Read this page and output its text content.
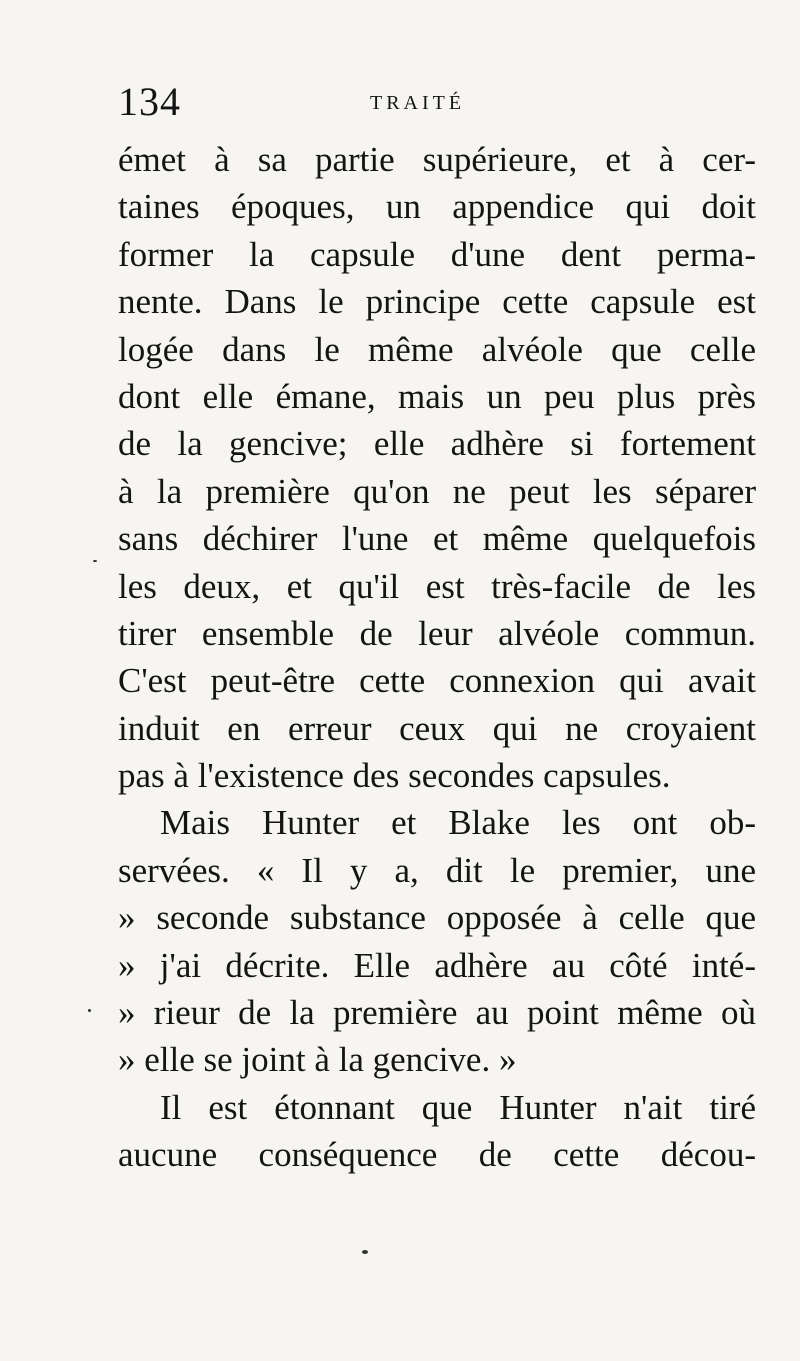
134	TRAITÉ
émet à sa partie supérieure, et à cer-
taines époques, un appendice qui doit
former la capsule d'une dent perma-
nente. Dans le principe cette capsule est
logée dans le même alvéole que celle
dont elle émane, mais un peu plus près
de la gencive; elle adhère si fortement
à la première qu'on ne peut les séparer
sans déchirer l'une et même quelquefois
les deux, et qu'il est très-facile de les
tirer ensemble de leur alvéole commun.
C'est peut-être cette connexion qui avait
induit en erreur ceux qui ne croyaient
pas à l'existence des secondes capsules.
Mais Hunter et Blake les ont ob-
servées. « Il y a, dit le premier, une
» seconde substance opposée à celle que
» j'ai décrite. Elle adhère au côté inté-
» rieur de la première au point même où
» elle se joint à la gencive. »
Il est étonnant que Hunter n'ait tiré
aucune conséquence de cette décou-
